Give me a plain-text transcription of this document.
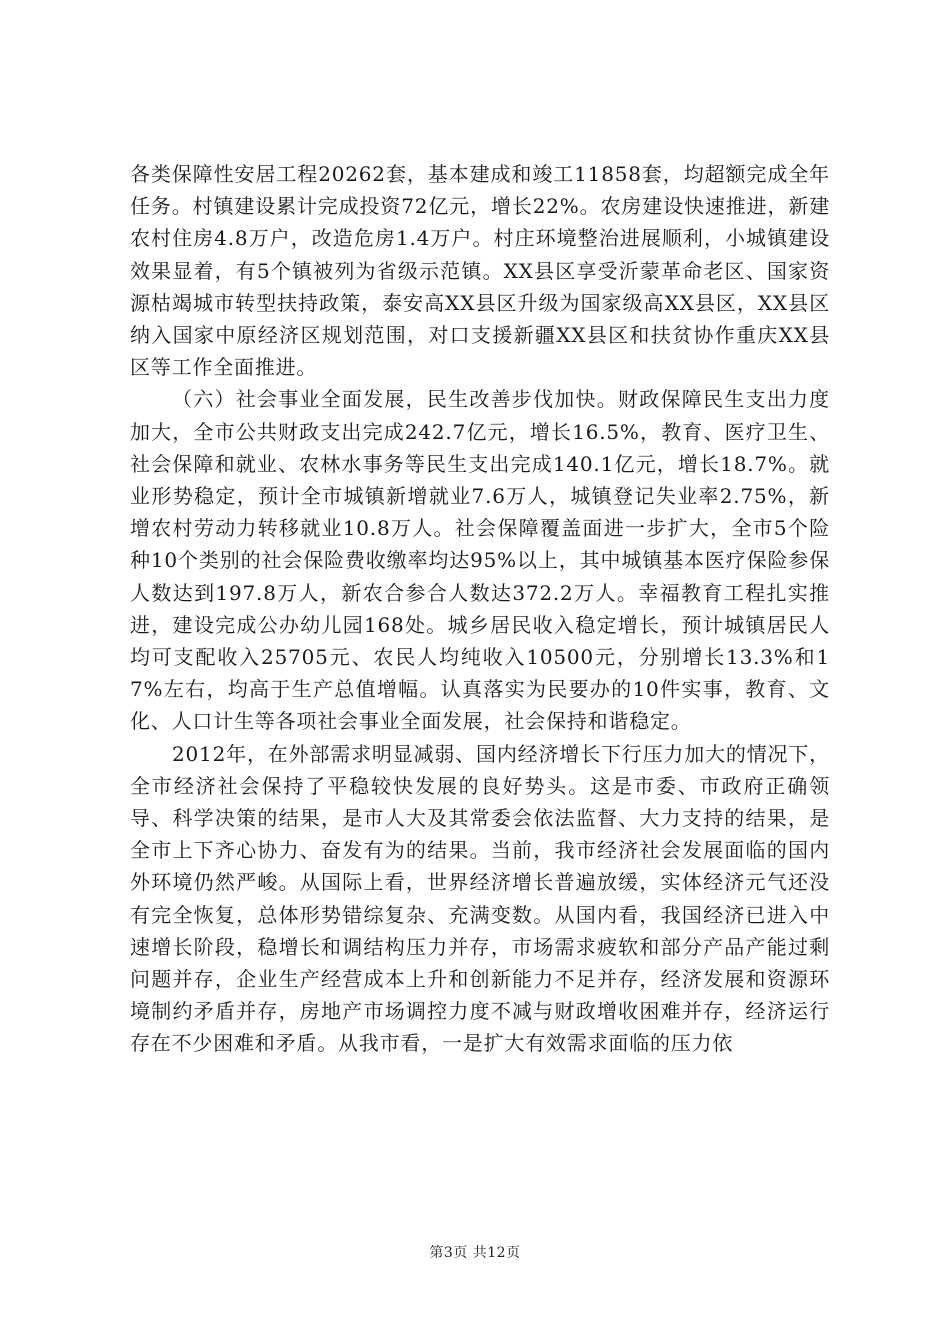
各类保障性安居工程20262套，基本建成和竣工11858套，均超额完成全年任务。村镇建设累计完成投资72亿元，增长22%。农房建设快速推进，新建农村住房4.8万户，改造危房1.4万户。村庄环境整治进展顺利，小城镇建设效果显着，有5个镇被列为省级示范镇。XX县区享受沂蒙革命老区、国家资源枯竭城市转型扶持政策，泰安高XX县区升级为国家级高XX县区，XX县区纳入国家中原经济区规划范围，对口支援新疆XX县区和扶贫协作重庆XX县区等工作全面推进。

（六）社会事业全面发展，民生改善步伐加快。财政保障民生支出力度加大，全市公共财政支出完成242.7亿元，增长16.5%，教育、医疗卫生、社会保障和就业、农林水事务等民生支出完成140.1亿元，增长18.7%。就业形势稳定，预计全市城镇新增就业7.6万人，城镇登记失业率2.75%，新增农村劳动力转移就业10.8万人。社会保障覆盖面进一步扩大，全市5个险种10个类别的社会保险费收缴率均达95%以上，其中城镇基本医疗保险参保人数达到197.8万人，新农合参合人数达372.2万人。幸福教育工程扎实推进，建设完成公办幼儿园168处。城乡居民收入稳定增长，预计城镇居民人均可支配收入25705元、农民人均纯收入10500元，分别增长13.3%和17%左右，均高于生产总值增幅。认真落实为民要办的10件实事，教育、文化、人口计生等各项社会事业全面发展，社会保持和谐稳定。

2012年，在外部需求明显减弱、国内经济增长下行压力加大的情况下，全市经济社会保持了平稳较快发展的良好势头。这是市委、市政府正确领导、科学决策的结果，是市人大及其常委会依法监督、大力支持的结果，是全市上下齐心协力、奋发有为的结果。当前，我市经济社会发展面临的国内外环境仍然严峻。从国际上看，世界经济增长普遍放缓，实体经济元气还没有完全恢复，总体形势错综复杂、充满变数。从国内看，我国经济已进入中速增长阶段，稳增长和调结构压力并存，市场需求疲软和部分产品产能过剩问题并存，企业生产经营成本上升和创新能力不足并存，经济发展和资源环境制约矛盾并存，房地产市场调控力度不减与财政增收困难并存，经济运行存在不少困难和矛盾。从我市看，一是扩大有效需求面临的压力依

第3页 共12页
